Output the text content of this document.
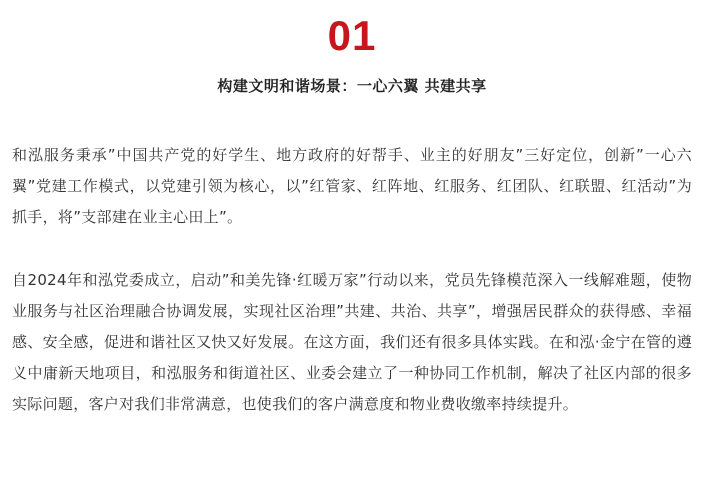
01
构建文明和谐场景：一心六翼 共建共享

和泓服务秉承”中国共产党的好学生、地方政府的好帮手、业主的好朋友”三好定位，创新”一心六翼”党建工作模式，以党建引领为核心，以”红管家、红阵地、红服务、红团队、红联盟、红活动”为抓手，将”支部建在业主心田上”。

自2024年和泓党委成立，启动”和美先锋·红暖万家”行动以来，党员先锋模范深入一线解难题，使物业服务与社区治理融合协调发展，实现社区治理”共建、共治、共享”，增强居民群众的获得感、幸福感、安全感，促进和谐社区又快又好发展。在这方面，我们还有很多具体实践。在和泓·金宁在管的遵义中庸新天地项目，和泓服务和街道社区、业委会建立了一种协同工作机制，解决了社区内部的很多实际问题，客户对我们非常满意，也使我们的客户满意度和物业费收缴率持续提升。
